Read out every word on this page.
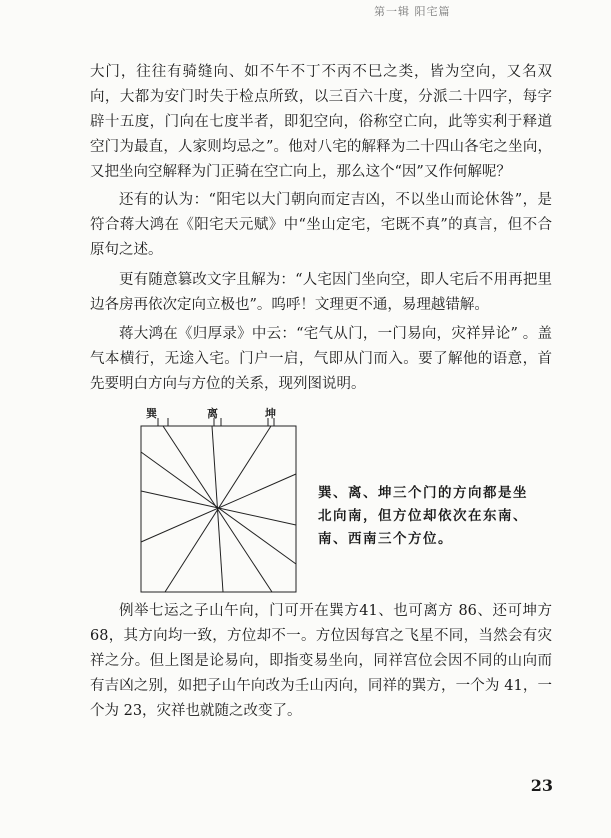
第一辑 阳宅篇

大门，往往有骑缝向、如不午不丁不丙不巳之类，皆为空向，又名双向，大都为安门时失于检点所致，以三百六十度，分派二十四字，每字辟十五度，门向在七度半者，即犯空向，俗称空亡向，此等实利于释道空门为最直，人家则均忌之”。他对八宅的解释为二十四山各宅之坐向，又把坐向空解释为门正骑在空亡向上，那么这个“因”又作何解呢？

还有的认为：“阳宅以大门朝向而定吉凶，不以坐山而论休咎”，是符合蒋大鸿在《阳宅天元赋》中“坐山定宅，宅既不真”的真言，但不合原句之述。

更有随意篡改文字且解为：“人宅因门坐向空，即人宅后不用再把里边各房再依次定向立极也”。呜呼！文理更不通，易理越错解。

蒋大鸿在《归厚录》中云：“宅气从门，一门易向，灾祥异论” 。盖气本横行，无途入宅。门户一启，气即从门而入。要了解他的语意，首先要明白方向与方位的关系，现列图说明。

巽	离	坤

巽、离、坤三个门的方向都是坐北向南，但方位却依次在东南、南、西南三个方位。

例举七运之子山午向，门可开在巽方41、也可离方 86、还可坤方 68，其方向均一致，方位却不一。方位因每宫之飞星不同，当然会有灾祥之分。但上图是论易向，即指变易坐向，同祥宫位会因不同的山向而有吉凶之别，如把子山午向改为壬山丙向，同祥的巽方，一个为 41，一个为 23，灾祥也就随之改变了。

23
